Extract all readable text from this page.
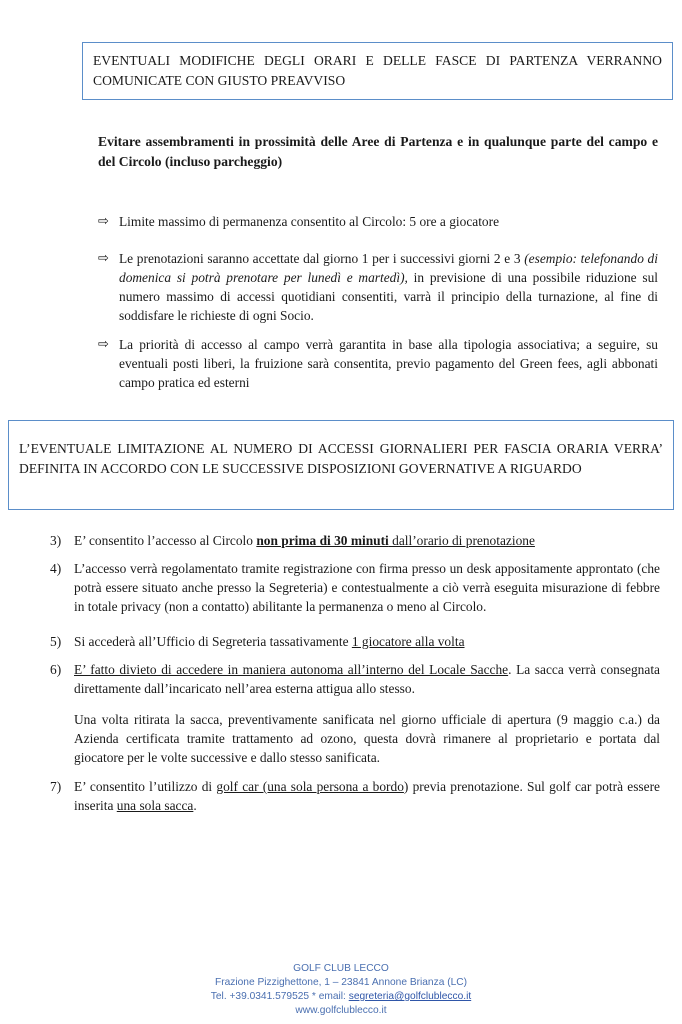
EVENTUALI MODIFICHE DEGLI ORARI E DELLE FASCE DI PARTENZA VERRANNO COMUNICATE CON GIUSTO PREAVVISO
Evitare assembramenti in prossimità delle Aree di Partenza e in qualunque parte del campo e del Circolo (incluso parcheggio)
⇨ Limite massimo di permanenza consentito al Circolo: 5 ore a giocatore
⇨ Le prenotazioni saranno accettate dal giorno 1 per i successivi giorni 2 e 3 (esempio: telefonando di domenica si potrà prenotare per lunedì e martedì), in previsione di una possibile riduzione sul numero massimo di accessi quotidiani consentiti, varrà il principio della turnazione, al fine di soddisfare le richieste di ogni Socio.
⇨ La priorità di accesso al campo verrà garantita in base alla tipologia associativa; a seguire, su eventuali posti liberi, la fruizione sarà consentita, previo pagamento del Green fees, agli abbonati campo pratica ed esterni
L’EVENTUALE LIMITAZIONE AL NUMERO DI ACCESSI GIORNALIERI PER FASCIA ORARIA VERRA’ DEFINITA IN ACCORDO CON LE SUCCESSIVE DISPOSIZIONI GOVERNATIVE A RIGUARDO
3) E’ consentito l’accesso al Circolo non prima di 30 minuti dall’orario di prenotazione
4) L’accesso verrà regolamentato tramite registrazione con firma presso un desk appositamente approntato (che potrà essere situato anche presso la Segreteria) e contestualmente a ciò verrà eseguita misurazione di febbre in totale privacy (non a contatto) abilitante la permanenza o meno al Circolo.
5) Si accederà all’Ufficio di Segreteria tassativamente 1 giocatore alla volta
6) E’ fatto divieto di accedere in maniera autonoma all’interno del Locale Sacche. La sacca verrà consegnata direttamente dall’incaricato nell’area esterna attigua allo stesso.
Una volta ritirata la sacca, preventivamente sanificata nel giorno ufficiale di apertura (9 maggio c.a.) da Azienda certificata tramite trattamento ad ozono, questa dovrà rimanere al proprietario e portata dal giocatore per le volte successive e dallo stesso sanificata.
7) E’ consentito l’utilizzo di golf car (una sola persona a bordo) previa prenotazione. Sul golf car potrà essere inserita una sola sacca.
GOLF CLUB LECCO
Frazione Pizzighettone, 1 – 23841 Annone Brianza (LC)
Tel. +39.0341.579525 * email: segreteria@golfclublecco.it
www.golfclublecco.it
